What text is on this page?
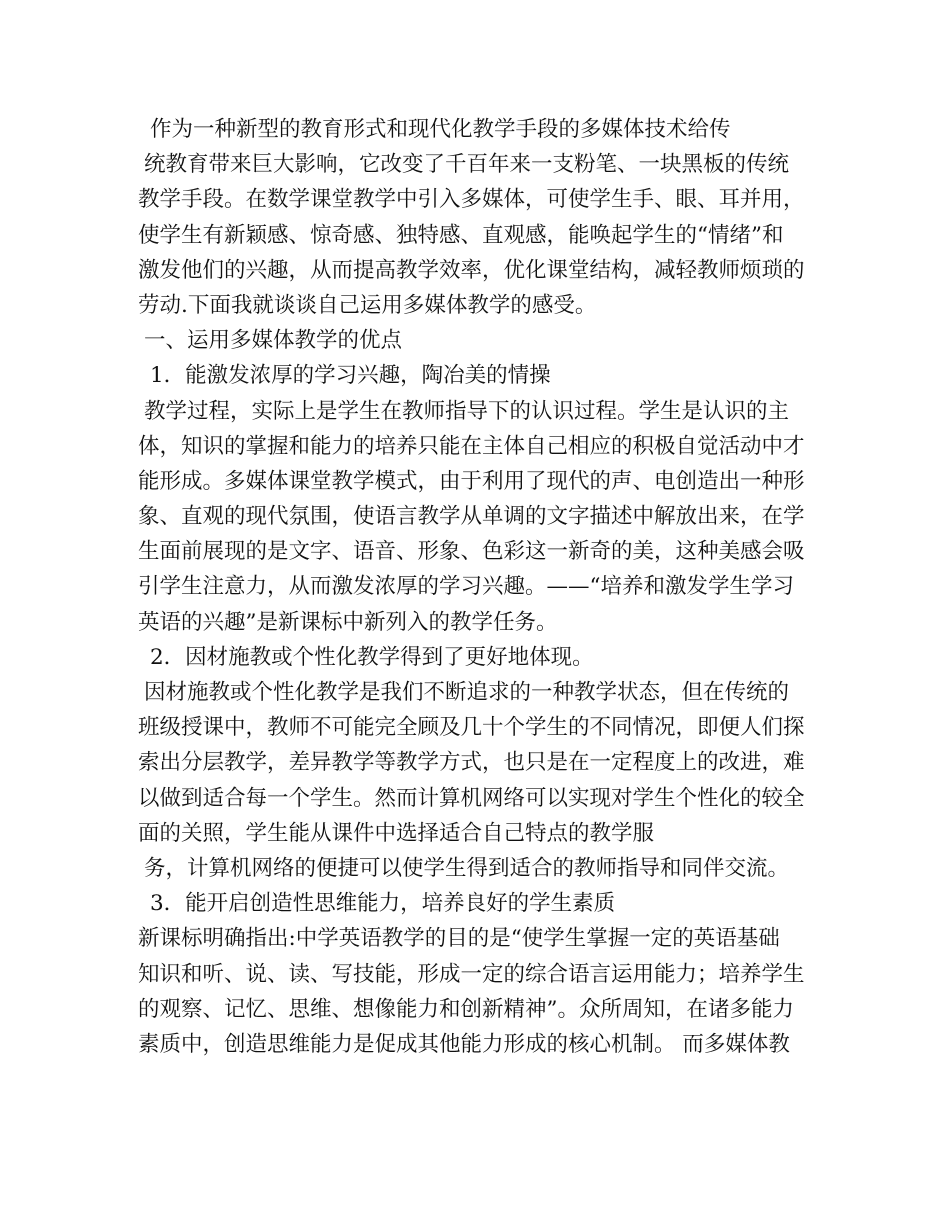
作为一种新型的教育形式和现代化教学手段的多媒体技术给传
统教育带来巨大影响，它改变了千百年来一支粉笔、一块黑板的传统
教学手段。在数学课堂教学中引入多媒体，可使学生手、眼、耳并用，
使学生有新颖感、惊奇感、独特感、直观感，能唤起学生的“情绪”和
激发他们的兴趣，从而提高教学效率，优化课堂结构，减轻教师烦琐的
劳动.下面我就谈谈自己运用多媒体教学的感受。
一、运用多媒体教学的优点
1．能激发浓厚的学习兴趣，陶冶美的情操
教学过程，实际上是学生在教师指导下的认识过程。学生是认识的主
体，知识的掌握和能力的培养只能在主体自己相应的积极自觉活动中才
能形成。多媒体课堂教学模式，由于利用了现代的声、电创造出一种形
象、直观的现代氛围，使语言教学从单调的文字描述中解放出来，在学
生面前展现的是文字、语音、形象、色彩这一新奇的美，这种美感会吸
引学生注意力，从而激发浓厚的学习兴趣。——“培养和激发学生学习
英语的兴趣”是新课标中新列入的教学任务。
2．因材施教或个性化教学得到了更好地体现。
因材施教或个性化教学是我们不断追求的一种教学状态，但在传统的
班级授课中，教师不可能完全顾及几十个学生的不同情况，即便人们探
索出分层教学，差异教学等教学方式，也只是在一定程度上的改进，难
以做到适合每一个学生。然而计算机网络可以实现对学生个性化的较全
面的关照，学生能从课件中选择适合自己特点的教学服
务，计算机网络的便捷可以使学生得到适合的教师指导和同伴交流。
3．能开启创造性思维能力，培养良好的学生素质
新课标明确指出:中学英语教学的目的是“使学生掌握一定的英语基础
知识和听、说、读、写技能，形成一定的综合语言运用能力；培养学生
的观察、记忆、思维、想像能力和创新精神”。众所周知，在诸多能力
素质中，创造思维能力是促成其他能力形成的核心机制。 而多媒体教
